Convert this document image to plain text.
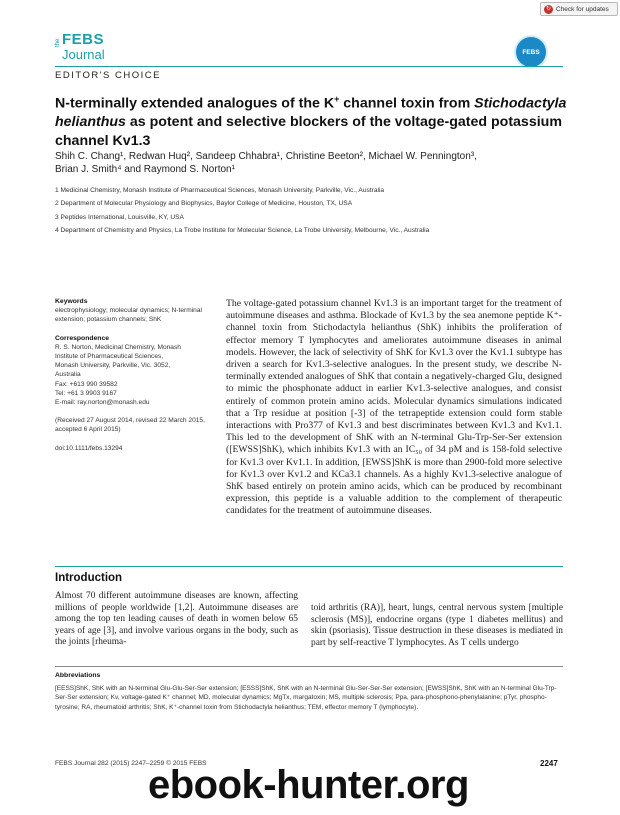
↻ Check for updates
the FEBS
Journal	FEBS
EDITOR'S CHOICE
N-terminally extended analogues of the K+ channel toxin from Stichodactyla helianthus as potent and selective blockers of the voltage-gated potassium channel Kv1.3
Shih C. Chang¹, Redwan Huq², Sandeep Chhabra¹, Christine Beeton², Michael W. Pennington³,
Brian J. Smith⁴ and Raymond S. Norton¹
1 Medicinal Chemistry, Monash Institute of Pharmaceutical Sciences, Monash University, Parkville, Vic., Australia
2 Department of Molecular Physiology and Biophysics, Baylor College of Medicine, Houston, TX, USA
3 Peptides International, Louisville, KY, USA
4 Department of Chemistry and Physics, La Trobe Institute for Molecular Science, La Trobe University, Melbourne, Vic., Australia
Keywords
electrophysiology; molecular dynamics; N-terminal extension; potassium channels; ShK
Correspondence
R. S. Norton, Medicinal Chemistry, Monash
Institute of Pharmaceutical Sciences,
Monash University, Parkville, Vic. 3052,
Australia
Fax: +613 990 39582
Tel: +61 3 9903 9167
E-mail: ray.norton@monash.edu
(Received 27 August 2014, revised 22 March 2015, accepted 6 April 2015)
doi:10.1111/febs.13294
The voltage-gated potassium channel Kv1.3 is an important target for the treatment of autoimmune diseases and asthma. Blockade of Kv1.3 by the sea anemone peptide K⁺-channel toxin from Stichodactyla helianthus (ShK) inhibits the proliferation of effector memory T lymphocytes and ameliorates autoimmune diseases in animal models. However, the lack of selectivity of ShK for Kv1.3 over the Kv1.1 subtype has driven a search for Kv1.3-selective analogues. In the present study, we describe N-terminally extended analogues of ShK that contain a negatively-charged Glu, designed to mimic the phosphonate adduct in earlier Kv1.3-selective analogues, and consist entirely of common protein amino acids. Molecular dynamics simulations indicated that a Trp residue at position [-3] of the tetrapeptide extension could form stable interactions with Pro377 of Kv1.3 and best discriminates between Kv1.3 and Kv1.1. This led to the development of ShK with an N-terminal Glu-Trp-Ser-Ser extension ([EWSS]ShK), which inhibits Kv1.3 with an IC₅₀ of 34 pM and is 158-fold selective for Kv1.3 over Kv1.1. In addition, [EWSS]ShK is more than 2900-fold more selective for Kv1.3 over Kv1.2 and KCa3.1 channels. As a highly Kv1.3-selective analogue of ShK based entirely on protein amino acids, which can be produced by recombinant expression, this peptide is a valuable addition to the complement of therapeutic candidates for the treatment of autoimmune diseases.
Introduction
Almost 70 different autoimmune diseases are known, affecting millions of people worldwide [1,2]. Autoimmune diseases are among the top ten leading causes of death in women below 65 years of age [3], and involve various organs in the body, such as the joints [rheuma-
toid arthritis (RA)], heart, lungs, central nervous system [multiple sclerosis (MS)], endocrine organs (type 1 diabetes mellitus) and skin (psoriasis). Tissue destruction in these diseases is mediated in part by self-reactive T lymphocytes. As T cells undergo
Abbreviations
[EESS]ShK, ShK with an N-terminal Glu-Glu-Ser-Ser extension; [ESSS]ShK, ShK with an N-terminal Glu-Ser-Ser-Ser extension; [EWSS]ShK, ShK with an N-terminal Glu-Trp-Ser-Ser extension; Kv, voltage-gated K⁺ channel; MD, molecular dynamics; MgTx, margatoxin; MS, multiple sclerosis; Ppa, para-phosphono-phenylalanine; pTyr, phospho-tyrosine; RA, rheumatoid arthritis; ShK, K⁺-channel toxin from Stichodactyla helianthus; TEM, effector memory T (lymphocyte).
FEBS Journal 282 (2015) 2247–2259 © 2015 FEBS	2247
ebook-hunter.org
